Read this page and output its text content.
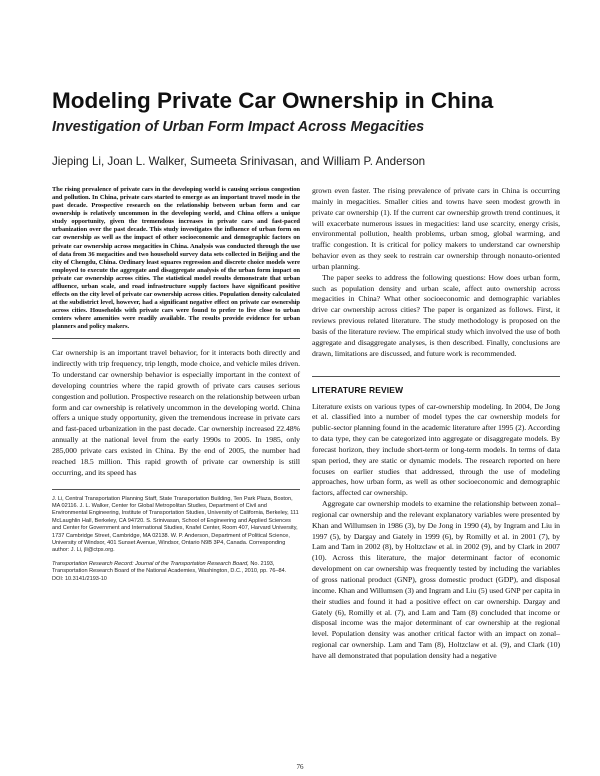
Modeling Private Car Ownership in China
Investigation of Urban Form Impact Across Megacities
Jieping Li, Joan L. Walker, Sumeeta Srinivasan, and William P. Anderson

The rising prevalence of private cars in the developing world is causing serious congestion and pollution. In China, private cars started to emerge as an important travel mode in the past decade. Prospective research on the relationship between urban form and car ownership is relatively uncommon in the developing world, and China offers a unique study opportunity, given the tremendous increases in private cars and fast-paced urbanization over the past decade. This study investigates the influence of urban form on car ownership as well as the impact of other socioeconomic and demographic factors on private car ownership across megacities in China. Analysis was conducted through the use of data from 36 megacities and two household survey data sets collected in Beijing and the city of Chengdu, China. Ordinary least squares regression and discrete choice models were employed to execute the aggregate and disaggregate analysis of the urban form impact on private car ownership across cities. The statistical model results demonstrate that urban affluence, urban scale, and road infrastructure supply factors have significant positive effects on the city level of private car ownership across cities. Population density calculated at the subdistrict level, however, had a significant negative effect on private car ownership across cities. Households with private cars were found to prefer to live close to urban centers where amenities were readily available. The results provide evidence for urban planners and policy makers.

Car ownership is an important travel behavior, for it interacts both directly and indirectly with trip frequency, trip length, mode choice, and vehicle miles driven. To understand car ownership behavior is especially important in the context of developing countries where the rapid growth of private cars causes serious congestion and pollution. Prospective research on the relationship between urban form and car ownership is relatively uncommon in the developing world. China offers a unique study opportunity, given the tremendous increase in private cars and fast-paced urbanization in the past decade. Car ownership increased 22.48% annually at the national level from the early 1990s to 2005. In 1985, only 285,000 private cars existed in China. By the end of 2005, the number had reached 18.5 million. This rapid growth of private car ownership is still occurring, and its speed has

J. Li, Central Transportation Planning Staff, State Transportation Building, Ten Park Plaza, Boston, MA 02116. J. L. Walker, Center for Global Metropolitan Studies, Department of Civil and Environmental Engineering, Institute of Transportation Studies, University of California, Berkeley, 111 McLaughlin Hall, Berkeley, CA 94720. S. Srinivasan, School of Engineering and Applied Sciences and Center for Government and International Studies, Knafel Center, Room 407, Harvard University, 1737 Cambridge Street, Cambridge, MA 02138. W. P. Anderson, Department of Political Science, University of Windsor, 401 Sunset Avenue, Windsor, Ontario N9B 3P4, Canada. Corresponding author: J. Li, jli@ctps.org.

Transportation Research Record: Journal of the Transportation Research Board, No. 2193, Transportation Research Board of the National Academies, Washington, D.C., 2010, pp. 76–84.

DOI: 10.3141/2193-10

grown even faster. The rising prevalence of private cars in China is occurring mainly in megacities. Smaller cities and towns have seen modest growth in private car ownership (1). If the current car ownership growth trend continues, it will exacerbate numerous issues in megacities: land use scarcity, energy crisis, environmental pollution, health problems, urban smog, global warming, and traffic congestion. It is critical for policy makers to understand car ownership behavior even as they seek to restrain car ownership through nonauto-oriented urban planning.

The paper seeks to address the following questions: How does urban form, such as population density and urban scale, affect auto ownership across megacities in China? What other socioeconomic and demographic variables drive car ownership across cities? The paper is organized as follows. First, it reviews previous related literature. The study methodology is proposed on the basis of the literature review. The empirical study which involved the use of both aggregate and disaggregate analyses, is then described. Finally, conclusions are drawn, limitations are discussed, and future work is recommended.

LITERATURE REVIEW

Literature exists on various types of car-ownership modeling. In 2004, De Jong et al. classified into a number of model types the car ownership models for public-sector planning found in the academic literature after 1995 (2). According to data type, they can be categorized into aggregate or disaggregate models. By forecast horizon, they include short-term or long-term models. In terms of data span period, they are static or dynamic models. The research reported on here focuses on earlier studies that addressed, through the use of modeling approaches, how urban form, as well as other socioeconomic and demographic factors, affected car ownership.

Aggregate car ownership models to examine the relationship between zonal–regional car ownership and the relevant explanatory variables were presented by Khan and Willumsen in 1986 (3), by De Jong in 1990 (4), by Ingram and Liu in 1997 (5), by Dargay and Gately in 1999 (6), by Romilly et al. in 2001 (7), by Lam and Tam in 2002 (8), by Holtzclaw et al. in 2002 (9), and by Clark in 2007 (10). Across this literature, the major determinant factor of economic development on car ownership was frequently tested by including the variables of gross national product (GNP), gross domestic product (GDP), and disposal income. Khan and Willumsen (3) and Ingram and Liu (5) used GNP per capita in their studies and found it had a positive effect on car ownership. Dargay and Gately (6), Romilly et al. (7), and Lam and Tam (8) concluded that income or disposal income was the major determinant of car ownership at the regional level. Population density was another critical factor with an impact on zonal–regional car ownership. Lam and Tam (8), Holtzclaw et al. (9), and Clark (10) have all demonstrated that population density had a negative

76
